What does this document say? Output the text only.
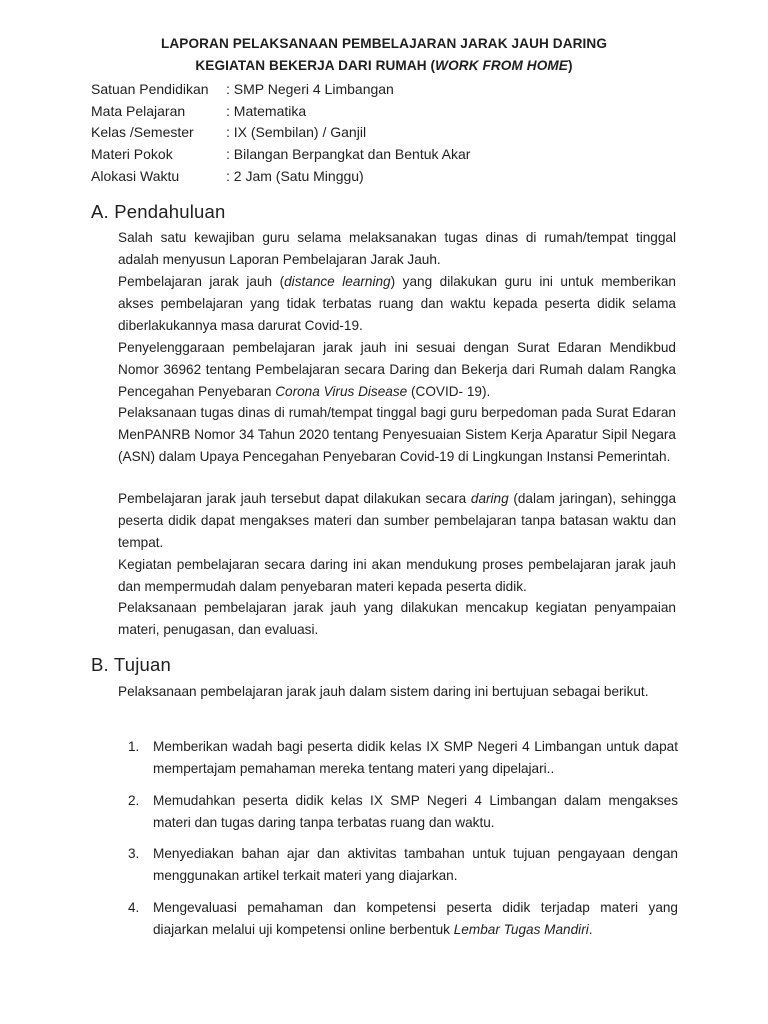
LAPORAN PELAKSANAAN PEMBELAJARAN JARAK JAUH DARING
KEGIATAN BEKERJA DARI RUMAH (WORK FROM HOME)
Satuan Pendidikan : SMP Negeri 4 Limbangan
Mata Pelajaran	: Matematika
Kelas /Semester : IX (Sembilan) / Ganjil
Materi Pokok	: Bilangan Berpangkat dan Bentuk Akar
Alokasi Waktu	: 2 Jam (Satu Minggu)
A. Pendahuluan

Salah satu kewajiban guru selama melaksanakan tugas dinas di rumah/tempat tinggal adalah menyusun Laporan Pembelajaran Jarak Jauh.

Pembelajaran jarak jauh (distance learning) yang dilakukan guru ini untuk memberikan akses pembelajaran yang tidak terbatas ruang dan waktu kepada peserta didik selama diberlakukannya masa darurat Covid-19.

Penyelenggaraan pembelajaran jarak jauh ini sesuai dengan Surat Edaran Mendikbud Nomor 36962 tentang Pembelajaran secara Daring dan Bekerja dari Rumah dalam Rangka Pencegahan Penyebaran Corona Virus Disease (COVID- 19).

Pelaksanaan tugas dinas di rumah/tempat tinggal bagi guru berpedoman pada Surat Edaran MenPANRB Nomor 34 Tahun 2020 tentang Penyesuaian Sistem Kerja Aparatur Sipil Negara (ASN) dalam Upaya Pencegahan Penyebaran Covid-19 di Lingkungan Instansi Pemerintah.

Pembelajaran jarak jauh tersebut dapat dilakukan secara daring (dalam jaringan), sehingga peserta didik dapat mengakses materi dan sumber pembelajaran tanpa batasan waktu dan tempat.

Kegiatan pembelajaran secara daring ini akan mendukung proses pembelajaran jarak jauh dan mempermudah dalam penyebaran materi kepada peserta didik.

Pelaksanaan pembelajaran jarak jauh yang dilakukan mencakup kegiatan penyampaian materi, penugasan, dan evaluasi.

B. Tujuan

Pelaksanaan pembelajaran jarak jauh dalam sistem daring ini bertujuan sebagai berikut.

1. Memberikan wadah bagi peserta didik kelas IX SMP Negeri 4 Limbangan untuk dapat mempertajam pemahaman mereka tentang materi yang dipelajari..
2. Memudahkan peserta didik kelas IX SMP Negeri 4 Limbangan dalam mengakses materi dan tugas daring tanpa terbatas ruang dan waktu.
3. Menyediakan bahan ajar dan aktivitas tambahan untuk tujuan pengayaan dengan menggunakan artikel terkait materi yang diajarkan.
4. Mengevaluasi pemahaman dan kompetensi peserta didik terjadap materi yang diajarkan melalui uji kompetensi online berbentuk Lembar Tugas Mandiri.
